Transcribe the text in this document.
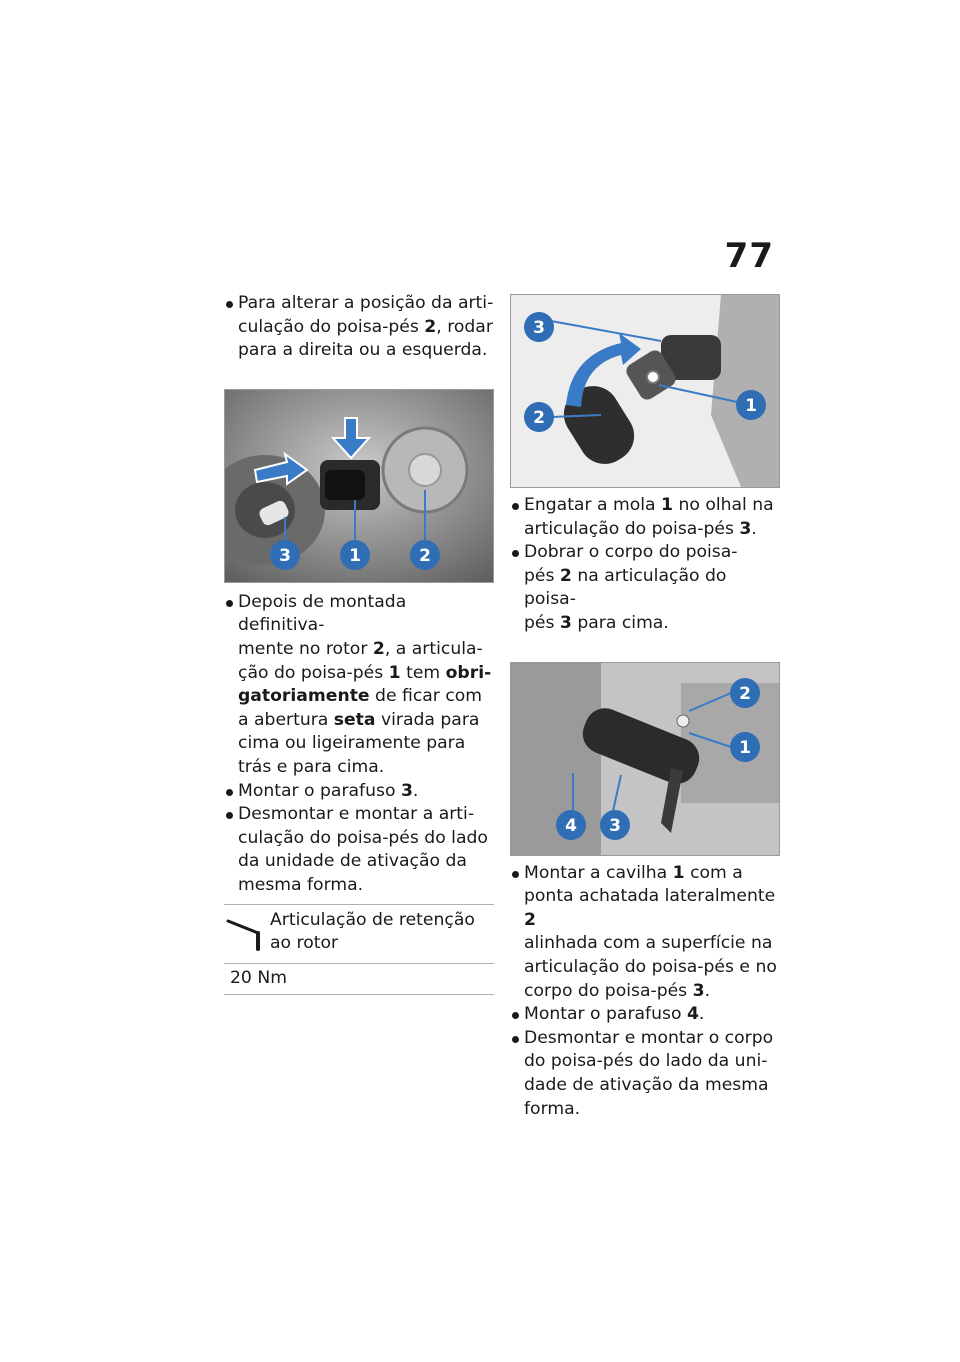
77

Para alterar a posição da arti-
culação do poisa-pés 2, rodar
para a direita ou a esquerda.

3	1	2

Depois de montada definitiva-
mente no rotor 2, a articula-
ção do poisa-pés 1 tem obri-
gatoriamente de ficar com
a abertura seta virada para
cima ou ligeiramente para
trás e para cima.

Montar o parafuso 3.

Desmontar e montar a arti-
culação do poisa-pés do lado
da unidade de ativação da
mesma forma.

Articulação de retenção
ao rotor
20 Nm
3
2
1

Engatar a mola 1 no olhal na
articulação do poisa-pés 3.

Dobrar o corpo do poisa-
pés 2 na articulação do poisa-
pés 3 para cima.

2
1
4 3

Montar a cavilha 1 com a
ponta achatada lateralmente 2
alinhada com a superfície na
articulação do poisa-pés e no
corpo do poisa-pés 3.

Montar o parafuso 4.

Desmontar e montar o corpo
do poisa-pés do lado da uni-
dade de ativação da mesma
forma.
